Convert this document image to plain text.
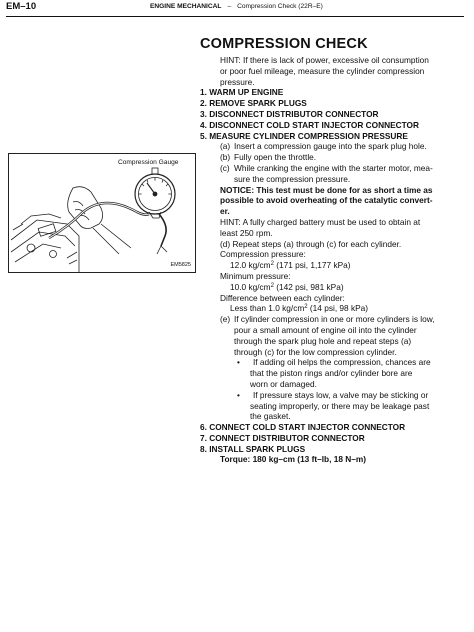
EM–10	ENGINE MECHANICAL – Compression Check (22R–E)
COMPRESSION CHECK
Compression Gauge
EM5825

HINT: If there is lack of power, excessive oil consumption

or poor fuel mileage, measure the cylinder compression

pressure.

1. WARM UP ENGINE

2. REMOVE SPARK PLUGS

3. DISCONNECT DISTRIBUTOR CONNECTOR

4. DISCONNECT COLD START INJECTOR CONNECTOR

5. MEASURE CYLINDER COMPRESSION PRESSURE

(a) Insert a compression gauge into the spark plug hole.

(b) Fully open the throttle.

(c) While cranking the engine with the starter motor, mea-

sure the compression pressure.

NOTICE: This test must be done for as short a time as

possible to avoid overheating of the catalytic convert-

er.

HINT: A fully charged battery must be used to obtain at

least 250 rpm.

(d) Repeat steps (a) through (c) for each cylinder.

Compression pressure:

12.0 $kg/cm^2$ (171 psi, 1,177 kPa)

Minimum pressure:

10.0 $kg/cm^2$ (142 psi, 981 kPa)

Difference between each cylinder:

Less than 1.0 $kg/cm^2$ (14 psi, 98 kPa)

(e) If cylinder compression in one or more cylinders is low,

pour a small amount of engine oil into the cylinder

through the spark plug hole and repeat steps (a)

through (c) for the low compression cylinder.

•	If adding oil helps the compression, chances are

that the piston rings and/or cylinder bore are

worn or damaged.

•	If pressure stays low, a valve may be sticking or

seating improperly, or there may be leakage past

the gasket.

6. CONNECT COLD START INJECTOR CONNECTOR

7. CONNECT DISTRIBUTOR CONNECTOR

8. INSTALL SPARK PLUGS

Torque: 180 kg–cm (13 ft–lb, 18 N–m)
